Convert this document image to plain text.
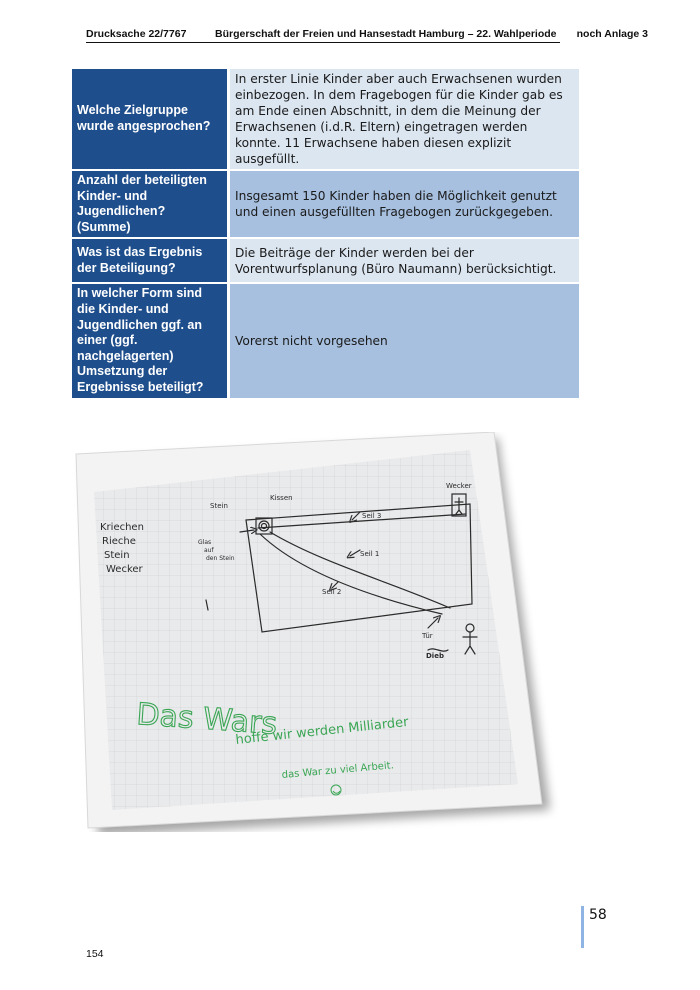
Drucksache 22/7767	Bürgerschaft der Freien und Hansestadt Hamburg – 22. Wahlperiode noch Anlage 3
Welche Zielgruppe wurde angesprochen?	In erster Linie Kinder aber auch Erwachsenen wurden einbezogen. In dem Fragebogen für die Kinder gab es am Ende einen Abschnitt, in dem die Meinung der Erwachsenen (i.d.R. Eltern) eingetragen werden konnte. 11 Erwachsene haben diesen explizit ausgefüllt.
Anzahl der beteiligten Kinder- und Jugendlichen? (Summe)	Insgesamt 150 Kinder haben die Möglichkeit genutzt und einen ausgefüllten Fragebogen zurückgegeben.
Was ist das Ergebnis der Beteiligung?	Die Beiträge der Kinder werden bei der Vorentwurfsplanung (Büro Naumann) berücksichtigt.
In welcher Form sind die Kinder- und Jugendlichen ggf. an einer (ggf. nachgelagerten) Umsetzung der Ergebnisse beteiligt?	Vorerst nicht vorgesehen
Kriechen
Rieche
Stein
Wecker
Stein
Kissen
Glas
auf
den Stein
Seil 3
Seil 1
Seil 2
Wecker
Tür
Dieb
Das Wars
hoffe wir werden Milliarder
das War zu viel Arbeit.
58
154
